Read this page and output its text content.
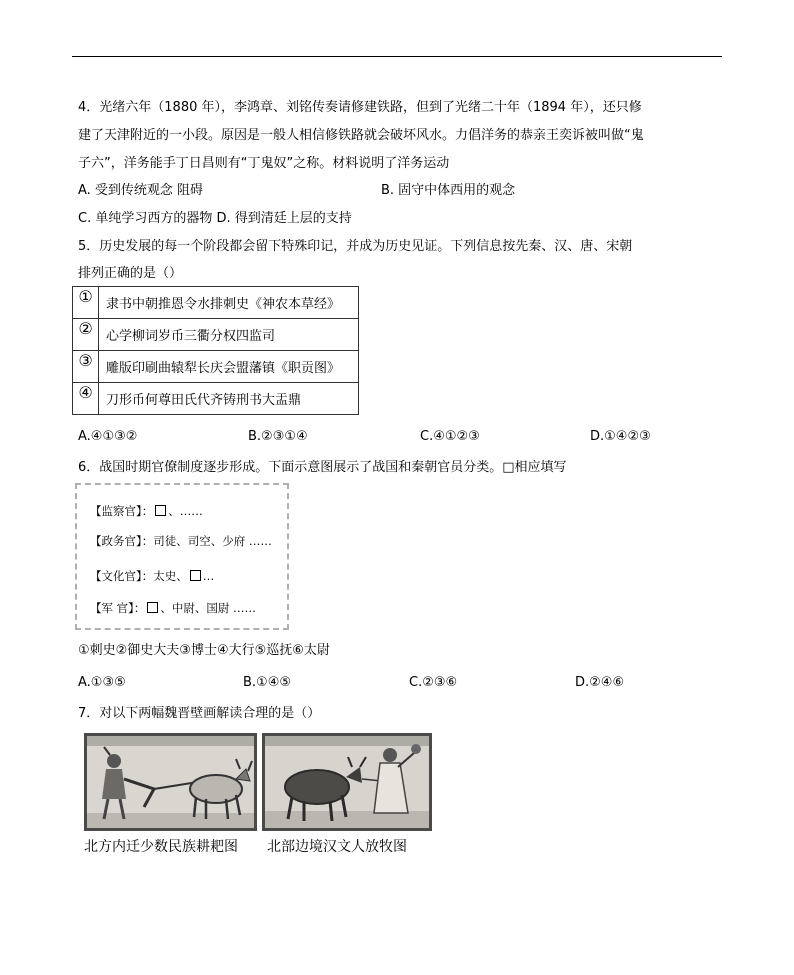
4．光绪六年（1880 年），李鸿章、刘铭传奏请修建铁路，但到了光绪二十年（1894 年），还只修
建了天津附近的一小段。原因是一般人相信修铁路就会破坏风水。力倡洋务的恭亲王奕诉被叫做“鬼
子六”，洋务能手丁日昌则有“丁鬼奴”之称。材料说明了洋务运动
A. 受到传统观念 阻碍	B. 固守中体西用的观念
C. 单纯学习西方的器物 D. 得到清廷上层的支持
5．历史发展的每一个阶段都会留下特殊印记，并成为历史见证。下列信息按先秦、汉、唐、宋朝
排列正确的是（）
①	隶书中朝推恩令水排刺史《神农本草经》
②	心学柳词岁币三衢分权四监司
③	雕版印刷曲辕犁长庆会盟藩镇《职贡图》
④	刀形币何尊田氏代齐铸刑书大盂鼎
A.④①③②	B.②③①④	C.④①②③	D.①④②③
6．战国时期官僚制度逐步形成。下面示意图展示了战国和秦朝官员分类。□相应填写
【监察官】： 、……
【政务官】：司徒、司空、少府 ……
【文化官】：太史、 …
【军 官】： 、中尉、国尉 ……
①刺史②御史大夫③博士④大行⑤巡抚⑥太尉
A.①③⑤	B.①④⑤	C.②③⑥	D.②④⑥
7．对以下两幅魏晋壁画解读合理的是（）
北方内迁少数民族耕耙图 北部边境汉文人放牧图
